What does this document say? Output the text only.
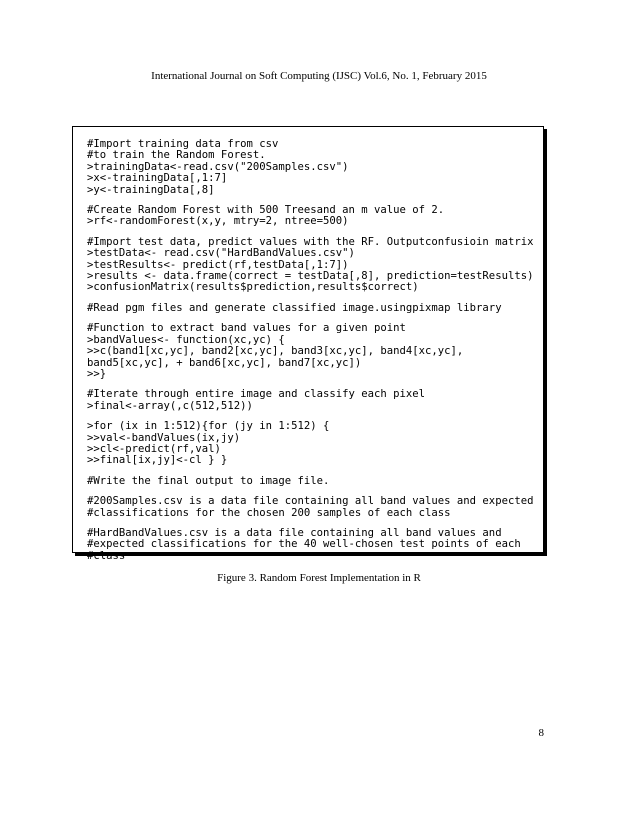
International Journal on Soft Computing (IJSC) Vol.6, No. 1, February 2015
#Import training data from csv
#to train the Random Forest.
>trainingData<-read.csv("200Samples.csv")
>x<-trainingData[,1:7]
>y<-trainingData[,8]
#Create Random Forest with 500 Treesand an m value of 2.
>rf<-randomForest(x,y, mtry=2, ntree=500)
#Import test data, predict values with the RF. Outputconfusioin matrix
>testData<- read.csv("HardBandValues.csv")
>testResults<- predict(rf,testData[,1:7])
>results <- data.frame(correct = testData[,8], prediction=testResults)
>confusionMatrix(results$prediction,results$correct)
#Read pgm files and generate classified image.usingpixmap library
#Function to extract band values for a given point
>bandValues<- function(xc,yc) {
>>c(band1[xc,yc], band2[xc,yc], band3[xc,yc], band4[xc,yc],
band5[xc,yc], + band6[xc,yc], band7[xc,yc])
>>}
#Iterate through entire image and classify each pixel
>final<-array(,c(512,512))
>for (ix in 1:512){for (jy in 1:512) {
>>val<-bandValues(ix,jy)
>>cl<-predict(rf,val)
>>final[ix,jy]<-cl } }
#Write the final output to image file.
#200Samples.csv is a data file containing all band values and expected
#classifications for the chosen 200 samples of each class
#HardBandValues.csv is a data file containing all band values and
#expected classifications for the 40 well-chosen test points of each
#class
Figure 3. Random Forest Implementation in R
8
